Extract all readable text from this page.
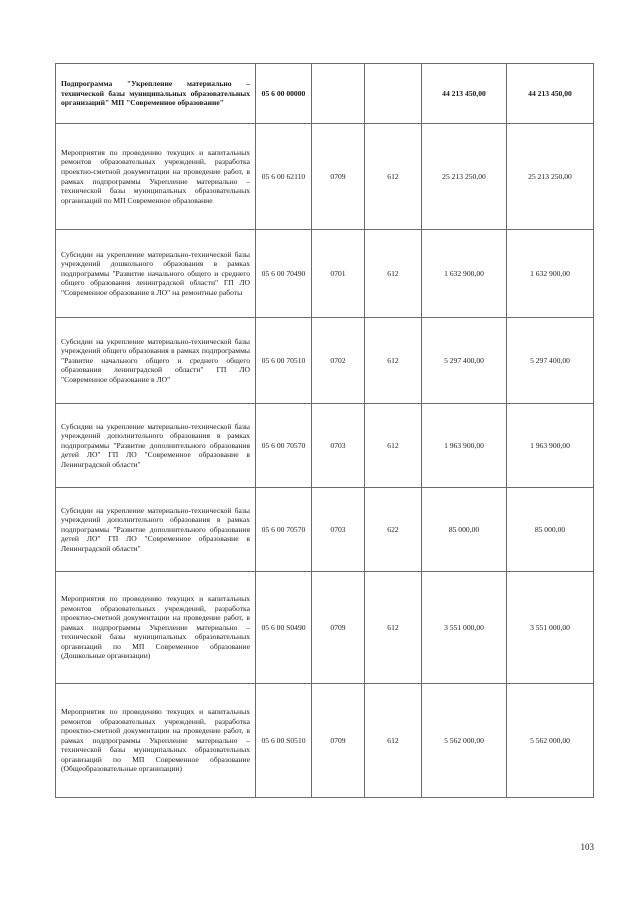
Подпрограмма "Укрепление материально – технической базы муниципальных образовательных организаций" МП "Современное образование"	05 6 00 00000			44 213 450,00	44 213 450,00
Мероприятия по проведению текущих и капитальных ремонтов образовательных учреждений, разработка проектно-сметной документации на проведение работ, в рамках подпрограммы Укрепление материально – технической базы муниципальных образовательных организаций по МП Современное образование	05 6 00 62110	0709	612	25 213 250,00	25 213 250,00
Субсидии на укрепление материально-технической базы учреждений дошкольного образования в рамках подпрограммы "Развитие начального общего и среднего общего образования ленинградской области" ГП ЛО "Современное образование в ЛО" на ремонтные работы	05 6 00 70490	0701	612	1 632 900,00	1 632 900,00
Субсидии на укрепление материально-технической базы учреждений общего образования в рамках подпрограммы "Развитие начального общего и среднего общего образования ленинградской области" ГП ЛО "Современное образование в ЛО"	05 6 00 70510	0702	612	5 297 400,00	5 297 400,00
Субсидии на укрепление материально-технической базы учреждений дополнительного образования в рамках подпрограммы "Развитие дополнительного образования детей ЛО" ГП ЛО "Современное образование в Ленинградской области"	05 6 00 70570	0703	612	1 963 900,00	1 963 900,00
Субсидии на укрепление материально-технической базы учреждений дополнительного образования в рамках подпрограммы "Развитие дополнительного образования детей ЛО" ГП ЛО "Современное образование в Ленинградской области"	05 6 00 70570	0703	622	85 000,00	85 000,00
Мероприятия по проведению текущих и капитальных ремонтов образовательных учреждений, разработка проектно-сметной документации на проведение работ, в рамках подпрограммы Укрепление материально – технической базы муниципальных образовательных организаций по МП Современное образование (Дошкольные организации)	05 6 00 S0490	0709	612	3 551 000,00	3 551 000,00
Мероприятия по проведению текущих и капитальных ремонтов образовательных учреждений, разработка проектно-сметной документации на проведение работ, в рамках подпрограммы Укрепление материально – технической базы муниципальных образовательных организаций по МП Современное образование (Общеобразовательные организации)	05 6 00 S0510	0709	612	5 562 000,00	5 562 000,00
103
